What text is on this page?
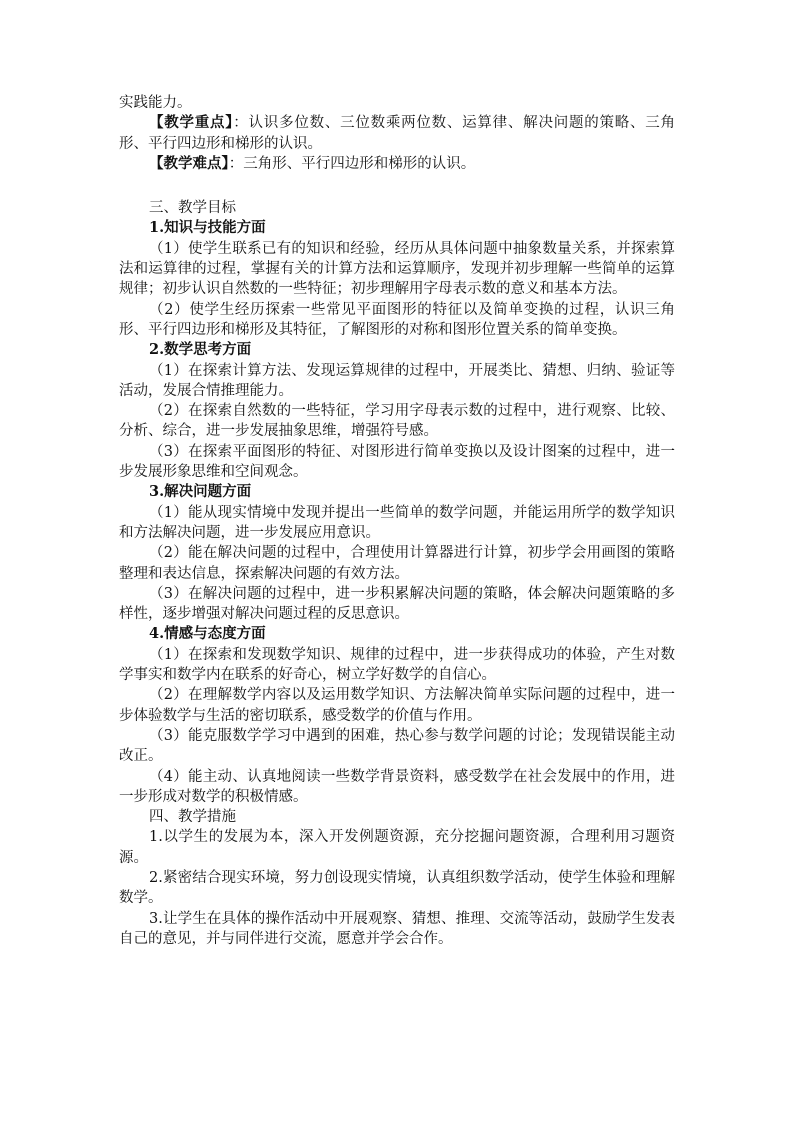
实践能力。

【教学重点】：认识多位数、三位数乘两位数、运算律、解决问题的策略、三角形、平行四边形和梯形的认识。

【教学难点】：三角形、平行四边形和梯形的认识。

三、教学目标

1.知识与技能方面

（1）使学生联系已有的知识和经验，经历从具体问题中抽象数量关系，并探索算法和运算律的过程，掌握有关的计算方法和运算顺序，发现并初步理解一些简单的运算规律；初步认识自然数的一些特征；初步理解用字母表示数的意义和基本方法。

（2）使学生经历探索一些常见平面图形的特征以及简单变换的过程，认识三角形、平行四边形和梯形及其特征，了解图形的对称和图形位置关系的简单变换。

2.数学思考方面

（1）在探索计算方法、发现运算规律的过程中，开展类比、猜想、归纳、验证等活动，发展合情推理能力。

（2）在探索自然数的一些特征，学习用字母表示数的过程中，进行观察、比较、分析、综合，进一步发展抽象思维，增强符号感。

（3）在探索平面图形的特征、对图形进行简单变换以及设计图案的过程中，进一步发展形象思维和空间观念。

3.解决问题方面

（1）能从现实情境中发现并提出一些简单的数学问题，并能运用所学的数学知识和方法解决问题，进一步发展应用意识。

（2）能在解决问题的过程中，合理使用计算器进行计算，初步学会用画图的策略整理和表达信息，探索解决问题的有效方法。

（3）在解决问题的过程中，进一步积累解决问题的策略，体会解决问题策略的多样性，逐步增强对解决问题过程的反思意识。

4.情感与态度方面

（1）在探索和发现数学知识、规律的过程中，进一步获得成功的体验，产生对数学事实和数学内在联系的好奇心，树立学好数学的自信心。

（2）在理解数学内容以及运用数学知识、方法解决简单实际问题的过程中，进一步体验数学与生活的密切联系，感受数学的价值与作用。

（3）能克服数学学习中遇到的困难，热心参与数学问题的讨论；发现错误能主动改正。

（4）能主动、认真地阅读一些数学背景资料，感受数学在社会发展中的作用，进一步形成对数学的积极情感。

四、教学措施

1.以学生的发展为本，深入开发例题资源，充分挖掘问题资源，合理利用习题资源。

2.紧密结合现实环境，努力创设现实情境，认真组织数学活动，使学生体验和理解数学。

3.让学生在具体的操作活动中开展观察、猜想、推理、交流等活动，鼓励学生发表自己的意见，并与同伴进行交流，愿意并学会合作。
